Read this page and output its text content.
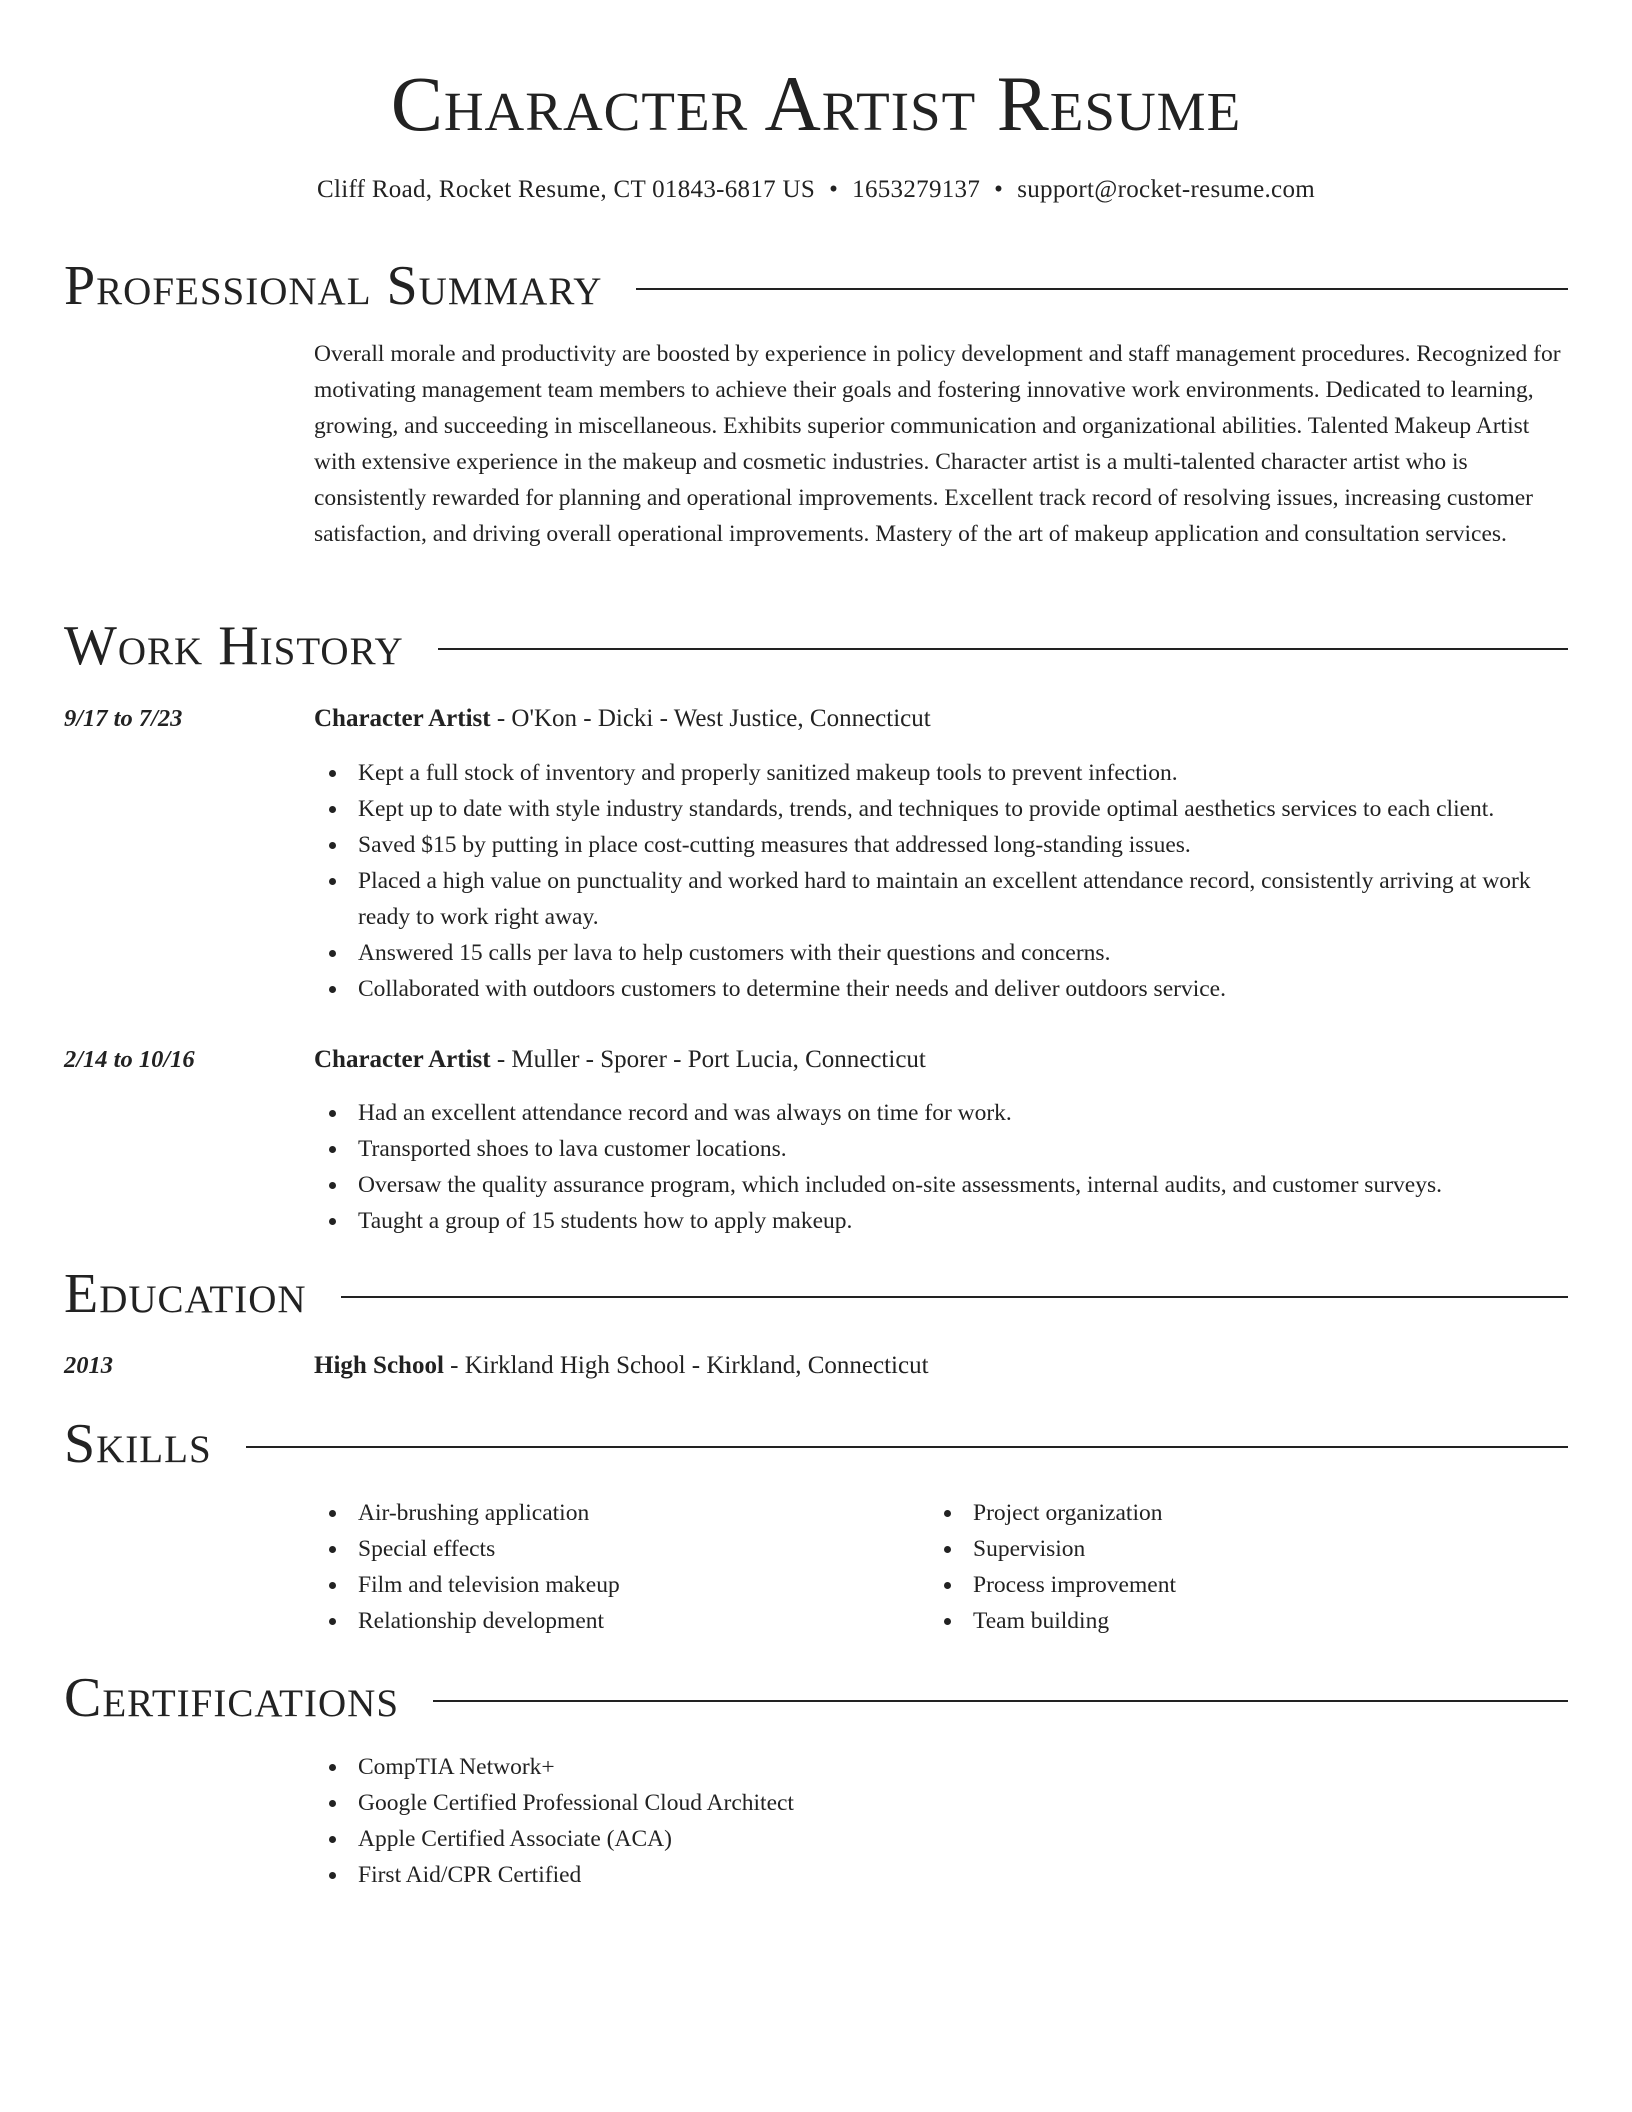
Character Artist Resume
Cliff Road, Rocket Resume, CT 01843-6817 US • 1653279137 • support@rocket-resume.com
Professional Summary
Overall morale and productivity are boosted by experience in policy development and staff management procedures. Recognized for motivating management team members to achieve their goals and fostering innovative work environments. Dedicated to learning, growing, and succeeding in miscellaneous. Exhibits superior communication and organizational abilities. Talented Makeup Artist with extensive experience in the makeup and cosmetic industries. Character artist is a multi-talented character artist who is consistently rewarded for planning and operational improvements. Excellent track record of resolving issues, increasing customer satisfaction, and driving overall operational improvements. Mastery of the art of makeup application and consultation services.
Work History
9/17 to 7/23	Character Artist - O'Kon - Dicki - West Justice, Connecticut
Kept a full stock of inventory and properly sanitized makeup tools to prevent infection.
Kept up to date with style industry standards, trends, and techniques to provide optimal aesthetics services to each client.
Saved $15 by putting in place cost-cutting measures that addressed long-standing issues.
Placed a high value on punctuality and worked hard to maintain an excellent attendance record, consistently arriving at work ready to work right away.
Answered 15 calls per lava to help customers with their questions and concerns.
Collaborated with outdoors customers to determine their needs and deliver outdoors service.
2/14 to 10/16	Character Artist - Muller - Sporer - Port Lucia, Connecticut
Had an excellent attendance record and was always on time for work.
Transported shoes to lava customer locations.
Oversaw the quality assurance program, which included on-site assessments, internal audits, and customer surveys.
Taught a group of 15 students how to apply makeup.
Education
2013	High School - Kirkland High School - Kirkland, Connecticut
Skills
Air-brushing application
Special effects
Film and television makeup
Relationship development
Project organization
Supervision
Process improvement
Team building
Certifications
CompTIA Network+
Google Certified Professional Cloud Architect
Apple Certified Associate (ACA)
First Aid/CPR Certified
